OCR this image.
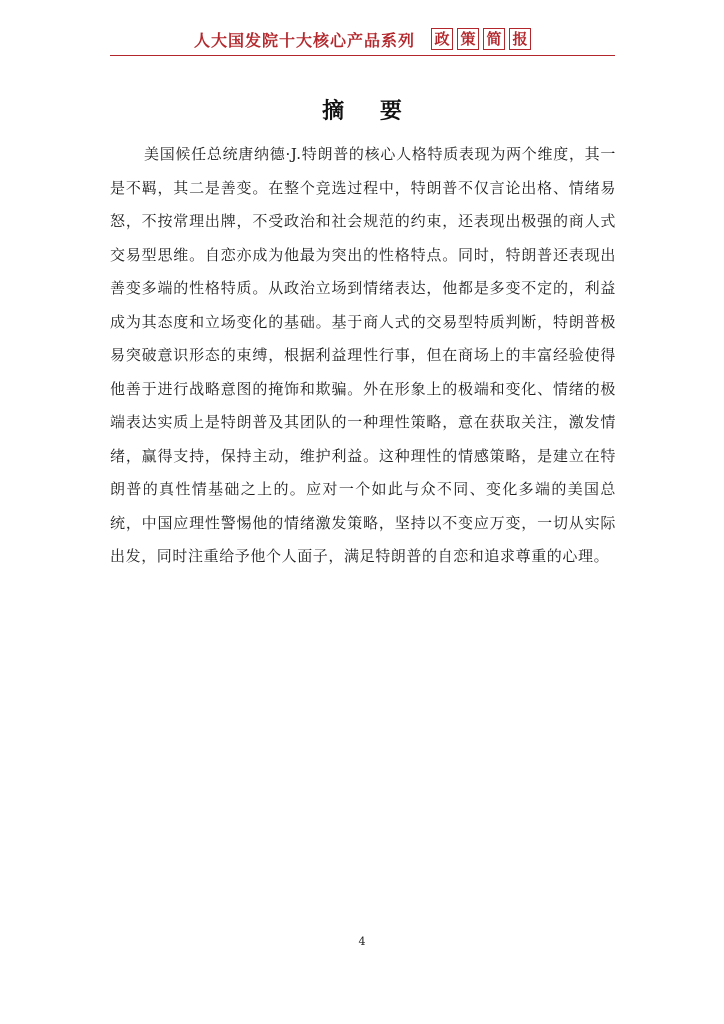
人大国发院十大核心产品系列 政 策 简 报
摘 要

美国候任总统唐纳德·J.特朗普的核心人格特质表现为两个维度，其一是不羁，其二是善变。在整个竞选过程中，特朗普不仅言论出格、情绪易怒，不按常理出牌，不受政治和社会规范的约束，还表现出极强的商人式交易型思维。自恋亦成为他最为突出的性格特点。同时，特朗普还表现出善变多端的性格特质。从政治立场到情绪表达，他都是多变不定的，利益成为其态度和立场变化的基础。基于商人式的交易型特质判断，特朗普极易突破意识形态的束缚，根据利益理性行事，但在商场上的丰富经验使得他善于进行战略意图的掩饰和欺骗。外在形象上的极端和变化、情绪的极端表达实质上是特朗普及其团队的一种理性策略，意在获取关注，激发情绪，赢得支持，保持主动，维护利益。这种理性的情感策略，是建立在特朗普的真性情基础之上的。应对一个如此与众不同、变化多端的美国总统，中国应理性警惕他的情绪激发策略，坚持以不变应万变，一切从实际出发，同时注重给予他个人面子，满足特朗普的自恋和追求尊重的心理。

4
